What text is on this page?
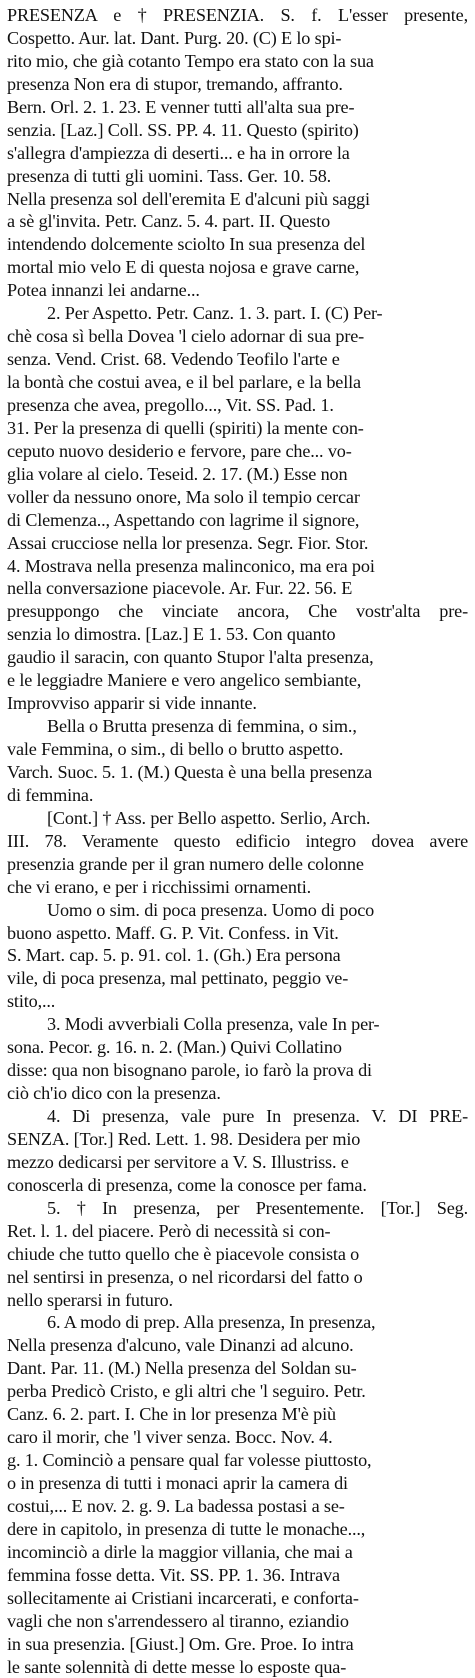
PRESENZA e † PRESENZIA. S. f. L'esser presente,
Cospetto. Aur. lat. Dant. Purg. 20. (C) E lo spi-
rito mio, che già cotanto Tempo era stato con la sua
presenza Non era di stupor, tremando, affranto.
Bern. Orl. 2. 1. 23. E venner tutti all'alta sua pre-
senzia. [Laz.] Coll. SS. PP. 4. 11. Questo (spirito)
s'allegra d'ampiezza di deserti... e ha in orrore la
presenza di tutti gli uomini. Tass. Ger. 10. 58.
Nella presenza sol dell'eremita E d'alcuni più saggi
a sè gl'invita. Petr. Canz. 5. 4. part. II. Questo
intendendo dolcemente sciolto In sua presenza del
mortal mio velo E di questa nojosa e grave carne,
Potea innanzi lei andarne...
2. Per Aspetto. Petr. Canz. 1. 3. part. I. (C) Per-
chè cosa sì bella Dovea 'l cielo adornar di sua pre-
senza. Vend. Crist. 68. Vedendo Teofilo l'arte e
la bontà che costui avea, e il bel parlare, e la bella
presenza che avea, pregollo..., Vit. SS. Pad. 1.
31. Per la presenza di quelli (spiriti) la mente con-
ceputo nuovo desiderio e fervore, pare che... vo-
glia volare al cielo. Teseid. 2. 17. (M.) Esse non
voller da nessuno onore, Ma solo il tempio cercar
di Clemenza.., Aspettando con lagrime il signore,
Assai crucciose nella lor presenza. Segr. Fior. Stor.
4. Mostrava nella presenza malinconico, ma era poi
nella conversazione piacevole. Ar. Fur. 22. 56. E
presuppongo che vinciate ancora, Che vostr'alta pre-
senzia lo dimostra. [Laz.] E 1. 53. Con quanto
gaudio il saracin, con quanto Stupor l'alta presenza,
e le leggiadre Maniere e vero angelico sembiante,
Improvviso apparir si vide innante.
Bella o Brutta presenza di femmina, o sim.,
vale Femmina, o sim., di bello o brutto aspetto.
Varch. Suoc. 5. 1. (M.) Questa è una bella presenza
di femmina.
[Cont.] † Ass. per Bello aspetto. Serlio, Arch.
III. 78. Veramente questo edificio integro dovea avere
presenzia grande per il gran numero delle colonne
che vi erano, e per i ricchissimi ornamenti.
Uomo o sim. di poca presenza. Uomo di poco
buono aspetto. Maff. G. P. Vit. Confess. in Vit.
S. Mart. cap. 5. p. 91. col. 1. (Gh.) Era persona
vile, di poca presenza, mal pettinato, peggio ve-
stito,...
3. Modi avverbiali Colla presenza, vale In per-
sona. Pecor. g. 16. n. 2. (Man.) Quivi Collatino
disse: qua non bisognano parole, io farò la prova di
ciò ch'io dico con la presenza.
4. Di presenza, vale pure In presenza. V. DI PRE-
SENZA. [Tor.] Red. Lett. 1. 98. Desidera per mio
mezzo dedicarsi per servitore a V. S. Illustriss. e
conoscerla di presenza, come la conosce per fama.
5. † In presenza, per Presentemente. [Tor.] Seg.
Ret. l. 1. del piacere. Però di necessità si con-
chiude che tutto quello che è piacevole consista o
nel sentirsi in presenza, o nel ricordarsi del fatto o
nello sperarsi in futuro.
6. A modo di prep. Alla presenza, In presenza,
Nella presenza d'alcuno, vale Dinanzi ad alcuno.
Dant. Par. 11. (M.) Nella presenza del Soldan su-
perba Predicò Cristo, e gli altri che 'l seguiro. Petr.
Canz. 6. 2. part. I. Che in lor presenza M'è più
caro il morir, che 'l viver senza. Bocc. Nov. 4.
g. 1. Cominciò a pensare qual far volesse piuttosto,
o in presenza di tutti i monaci aprir la camera di
costui,... E nov. 2. g. 9. La badessa postasi a se-
dere in capitolo, in presenza di tutte le monache...,
incominciò a dirle la maggior villania, che mai a
femmina fosse detta. Vit. SS. PP. 1. 36. Intrava
sollecitamente ai Cristiani incarcerati, e conforta-
vagli che non s'arrendessero al tiranno, eziandio
in sua presenzia. [Giust.] Om. Gre. Proe. Io intra
le sante solennità di dette messe lo esposte qua-
